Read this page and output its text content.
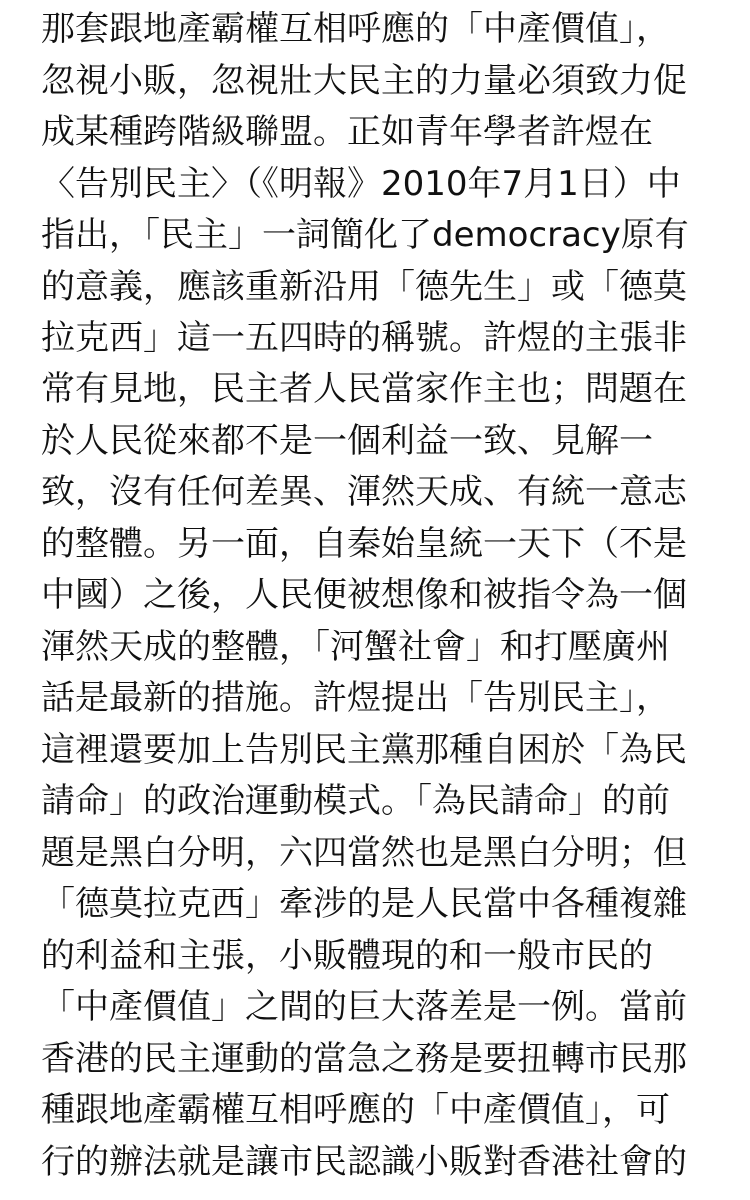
那套跟地產霸權互相呼應的「中產價值」，
忽視小販，忽視壯大民主的力量必須致力促
成某種跨階級聯盟。正如青年學者許煜在
〈告別民主〉（《明報》2010年7月1日）中
指出，「民主」一詞簡化了democracy原有
的意義，應該重新沿用「德先生」或「德莫
拉克西」這一五四時的稱號。許煜的主張非
常有見地，民主者人民當家作主也；問題在
於人民從來都不是一個利益一致、見解一
致，沒有任何差異、渾然天成、有統一意志
的整體。另一面，自秦始皇統一天下（不是
中國）之後，人民便被想像和被指令為一個
渾然天成的整體，「河蟹社會」和打壓廣州
話是最新的措施。許煜提出「告別民主」，
這裡還要加上告別民主黨那種自困於「為民
請命」的政治運動模式。「為民請命」的前
題是黑白分明，六四當然也是黑白分明；但
「德莫拉克西」牽涉的是人民當中各種複雜
的利益和主張，小販體現的和一般市民的
「中產價值」之間的巨大落差是一例。當前
香港的民主運動的當急之務是要扭轉市民那
種跟地產霸權互相呼應的「中產價值」，可
行的辦法就是讓市民認識小販對香港社會的
